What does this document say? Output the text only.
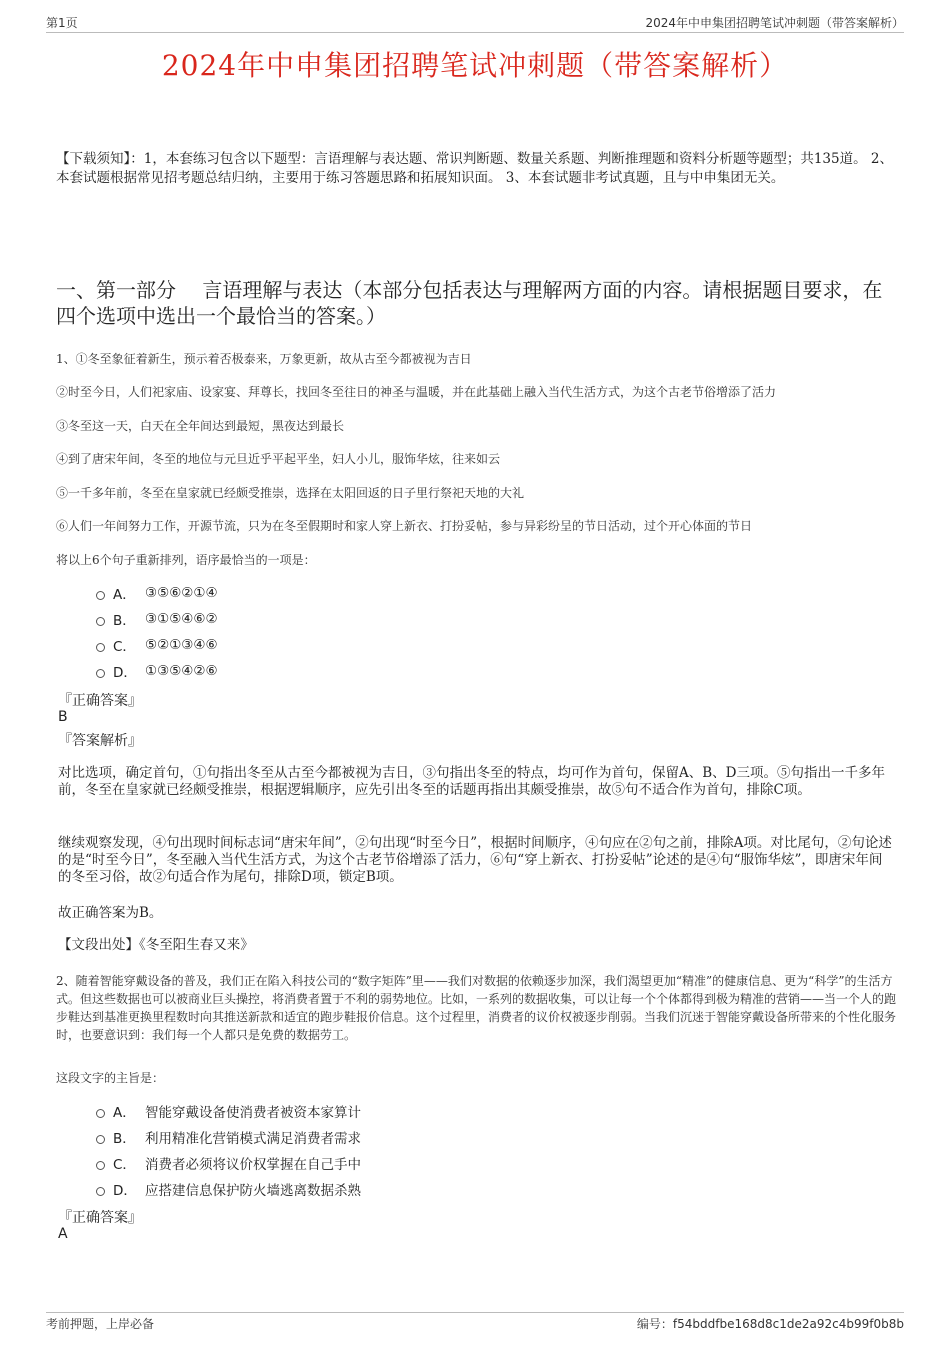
第1页	2024年中申集团招聘笔试冲刺题（带答案解析）
2024年中申集团招聘笔试冲刺题（带答案解析）
【下载须知】：1，本套练习包含以下题型：言语理解与表达题、常识判断题、数量关系题、判断推理题和资料分析题等题型；共135道。 2、本套试题根据常见招考题总结归纳，主要用于练习答题思路和拓展知识面。 3、本套试题非考试真题，且与中申集团无关。
一、第一部分　 言语理解与表达（本部分包括表达与理解两方面的内容。请根据题目要求，在四个选项中选出一个最恰当的答案。）
1、①冬至象征着新生，预示着否极泰来，万象更新，故从古至今都被视为吉日
②时至今日，人们祀家庙、设家宴、拜尊长，找回冬至往日的神圣与温暖，并在此基础上融入当代生活方式，为这个古老节俗增添了活力
③冬至这一天，白天在全年间达到最短，黑夜达到最长
④到了唐宋年间，冬至的地位与元旦近乎平起平坐，妇人小儿，服饰华炫，往来如云
⑤一千多年前，冬至在皇家就已经颇受推崇，选择在太阳回返的日子里行祭祀天地的大礼
⑥人们一年间努力工作，开源节流，只为在冬至假期时和家人穿上新衣、打扮妥帖，参与异彩纷呈的节日活动，过个开心体面的节日
将以上6个句子重新排列，语序最恰当的一项是：
A． ③⑤⑥②①④
B． ③①⑤④⑥②
C． ⑤②①③④⑥
D． ①③⑤④②⑥
『正确答案』
B
『答案解析』
对比选项，确定首句，①句指出冬至从古至今都被视为吉日，③句指出冬至的特点，均可作为首句，保留A、B、D三项。⑤句指出一千多年前，冬至在皇家就已经颇受推崇，根据逻辑顺序，应先引出冬至的话题再指出其颇受推崇，故⑤句不适合作为首句，排除C项。
继续观察发现，④句出现时间标志词“唐宋年间”，②句出现“时至今日”，根据时间顺序，④句应在②句之前，排除A项。对比尾句，②句论述的是“时至今日”，冬至融入当代生活方式，为这个古老节俗增添了活力，⑥句“穿上新衣、打扮妥帖”论述的是④句“服饰华炫”，即唐宋年间的冬至习俗，故②句适合作为尾句，排除D项，锁定B项。
故正确答案为B。
【文段出处】《冬至阳生春又来》
2、随着智能穿戴设备的普及，我们正在陷入科技公司的“数字矩阵”里——我们对数据的依赖逐步加深，我们渴望更加“精准”的健康信息、更为“科学”的生活方式。但这些数据也可以被商业巨头操控，将消费者置于不利的弱势地位。比如，一系列的数据收集，可以让每一个个体都得到极为精准的营销——当一个人的跑步鞋达到基准更换里程数时向其推送新款和适宜的跑步鞋报价信息。这个过程里，消费者的议价权被逐步削弱。当我们沉迷于智能穿戴设备所带来的个性化服务时，也要意识到：我们每一个人都只是免费的数据劳工。
这段文字的主旨是：
A． 智能穿戴设备使消费者被资本家算计
B． 利用精准化营销模式满足消费者需求
C． 消费者必须将议价权掌握在自己手中
D． 应搭建信息保护防火墙逃离数据杀熟
『正确答案』
A
考前押题，上岸必备	编号：f54bddfbe168d8c1de2a92c4b99f0b8b
